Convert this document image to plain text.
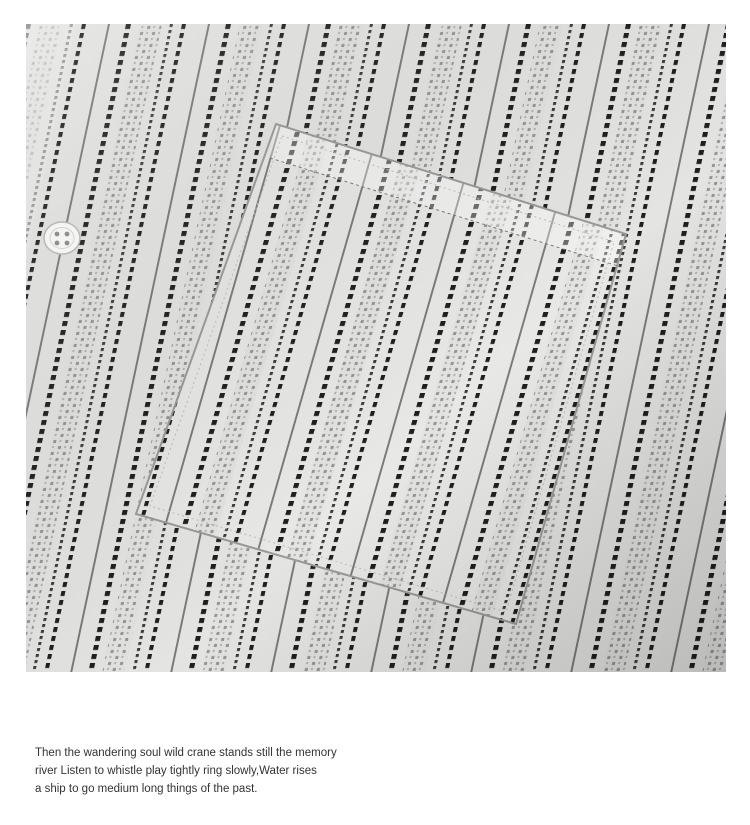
Then the wandering soul wild crane stands still the memory
river Listen to whistle play tightly ring slowly,Water rises
a ship to go medium long things of the past.
